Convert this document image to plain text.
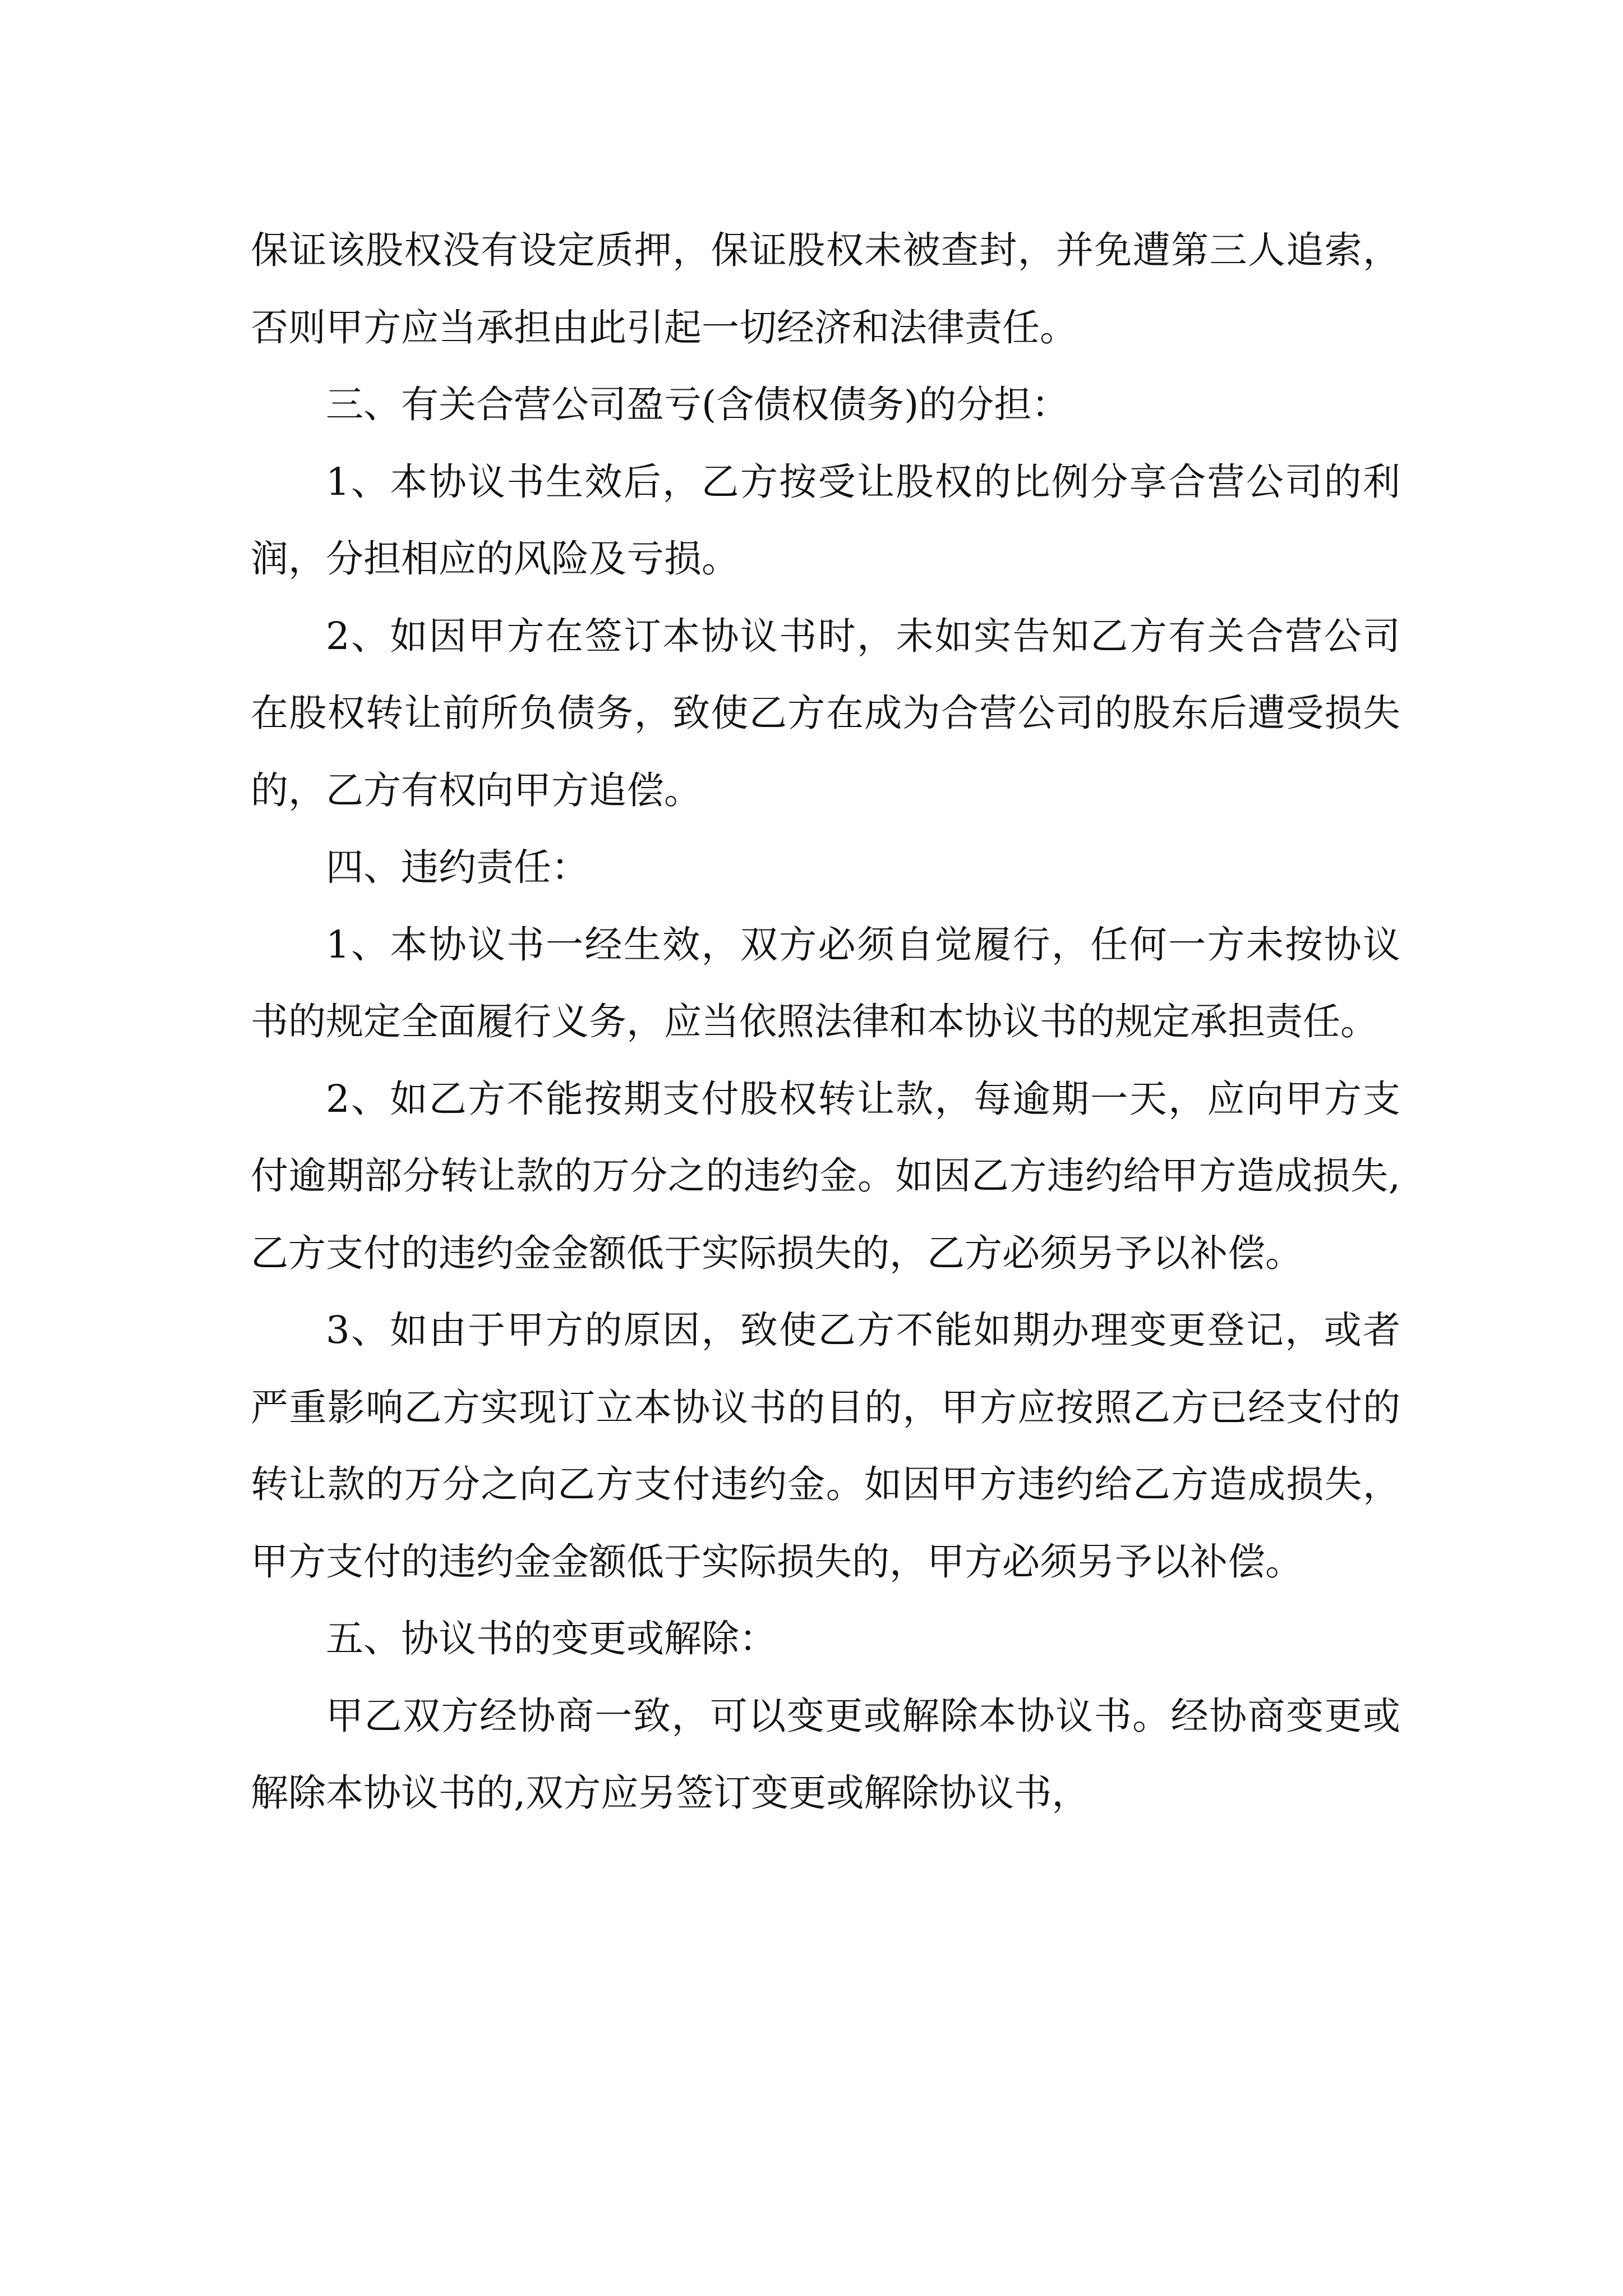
保证该股权没有设定质押，保证股权未被查封，并免遭第三人追索，否则甲方应当承担由此引起一切经济和法律责任。

三、有关合营公司盈亏(含债权债务)的分担：

1、本协议书生效后，乙方按受让股权的比例分享合营公司的利润，分担相应的风险及亏损。

2、如因甲方在签订本协议书时，未如实告知乙方有关合营公司在股权转让前所负债务，致使乙方在成为合营公司的股东后遭受损失的，乙方有权向甲方追偿。

四、违约责任：

1、本协议书一经生效，双方必须自觉履行，任何一方未按协议书的规定全面履行义务，应当依照法律和本协议书的规定承担责任。

2、如乙方不能按期支付股权转让款，每逾期一天，应向甲方支付逾期部分转让款的万分之的违约金。如因乙方违约给甲方造成损失,乙方支付的违约金金额低于实际损失的，乙方必须另予以补偿。

3、如由于甲方的原因，致使乙方不能如期办理变更登记，或者严重影响乙方实现订立本协议书的目的，甲方应按照乙方已经支付的转让款的万分之向乙方支付违约金。如因甲方违约给乙方造成损失，甲方支付的违约金金额低于实际损失的，甲方必须另予以补偿。

五、协议书的变更或解除：

甲乙双方经协商一致，可以变更或解除本协议书。经协商变更或解除本协议书的,双方应另签订变更或解除协议书，
